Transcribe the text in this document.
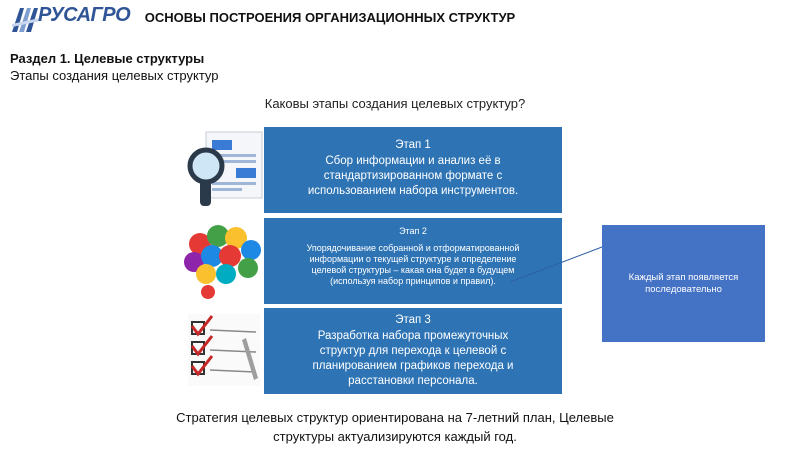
РУСАГРО	ОСНОВЫ ПОСТРОЕНИЯ ОРГАНИЗАЦИОННЫХ СТРУКТУР
Раздел 1. Целевые структуры
Этапы создания целевых структур
Каковы этапы создания целевых структур?
Этап 1
Сбор информации и анализ её в стандартизированном формате с использованием набора инструментов.
Этап 2
Упорядочивание собранной и отформатированной информации о текущей структуре и определение целевой структуры – какая она будет в будущем (используя набор принципов и правил).
Этап 3
Разработка набора промежуточных структур для перехода к целевой с планированием графиков перехода и расстановки персонала.
Каждый этап появляется последовательно
Стратегия целевых структур ориентирована на 7-летний план, Целевые структуры актуализируются каждый год.
